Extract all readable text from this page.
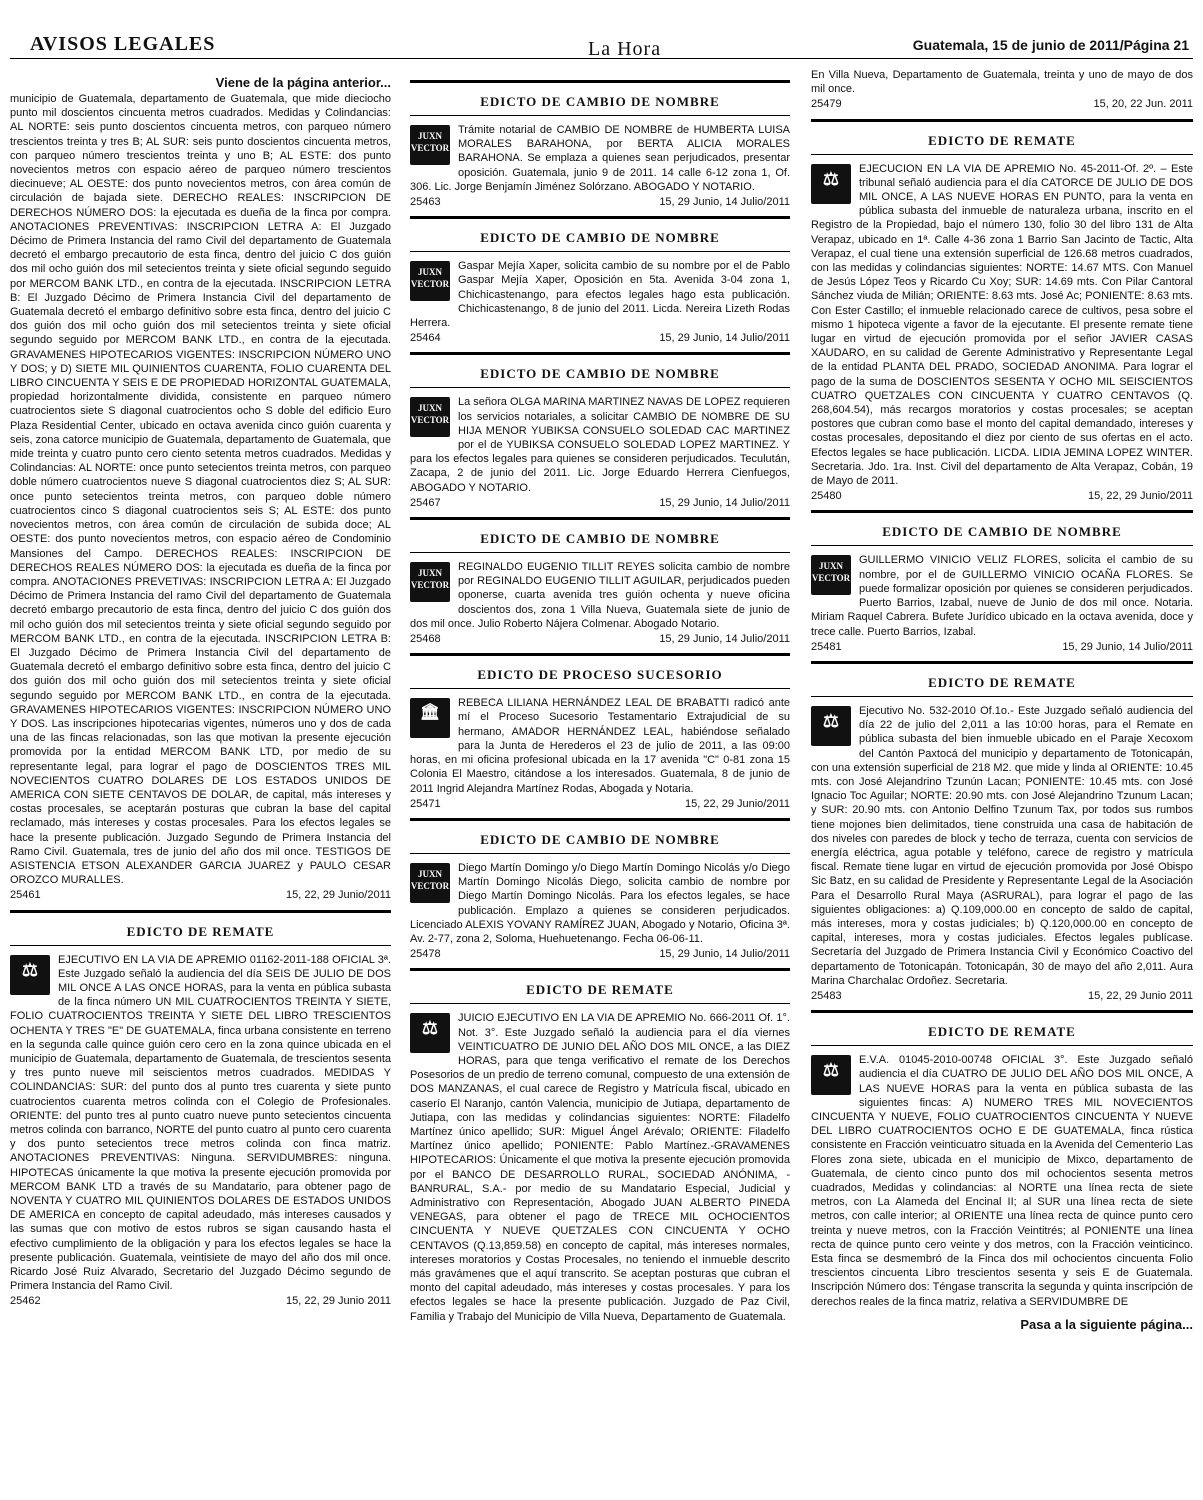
AVISOS LEGALES	La Hora	Guatemala, 15 de junio de 2011/Página 21
Viene de la página anterior...

municipio de Guatemala, departamento de Guatemala, que mide dieciocho punto mil doscientos cincuenta metros cuadrados. Medidas y Colindancias: AL NORTE: seis punto doscientos cincuenta metros, con parqueo número trescientos treinta y tres B; AL SUR: seis punto doscientos cincuenta metros, con parqueo número trescientos treinta y uno B; AL ESTE: dos punto novecientos metros con espacio aéreo de parqueo número trescientos diecinueve; AL OESTE: dos punto novecientos metros, con área común de circulación de bajada siete. DERECHO REALES: INSCRIPCION DE DERECHOS NÚMERO DOS: la ejecutada es dueña de la finca por compra. ANOTACIONES PREVENTIVAS: INSCRIPCION LETRA A: El Juzgado Décimo de Primera Instancia del ramo Civil del departamento de Guatemala decretó el embargo precautorio de esta finca, dentro del juicio C dos guión dos mil ocho guión dos mil setecientos treinta y siete oficial segundo seguido por MERCOM BANK LTD., en contra de la ejecutada. INSCRIPCION LETRA B: El Juzgado Décimo de Primera Instancia Civil del departamento de Guatemala decretó el embargo definitivo sobre esta finca, dentro del juicio C dos guión dos mil ocho guión dos mil setecientos treinta y siete oficial segundo seguido por MERCOM BANK LTD., en contra de la ejecutada. GRAVAMENES HIPOTECARIOS VIGENTES: INSCRIPCION NÚMERO UNO Y DOS; y D) SIETE MIL QUINIENTOS CUARENTA, FOLIO CUARENTA DEL LIBRO CINCUENTA Y SEIS E DE PROPIEDAD HORIZONTAL GUATEMALA, propiedad horizontalmente dividida, consistente en parqueo número cuatrocientos siete S diagonal cuatrocientos ocho S doble del edificio Euro Plaza Residential Center, ubicado en octava avenida cinco guión cuarenta y seis, zona catorce municipio de Guatemala, departamento de Guatemala, que mide treinta y cuatro punto cero ciento setenta metros cuadrados. Medidas y Colindancias: AL NORTE: once punto setecientos treinta metros, con parqueo doble número cuatrocientos nueve S diagonal cuatrocientos diez S; AL SUR: once punto setecientos treinta metros, con parqueo doble número cuatrocientos cinco S diagonal cuatrocientos seis S; AL ESTE: dos punto novecientos metros, con área común de circulación de subida doce; AL OESTE: dos punto novecientos metros, con espacio aéreo de Condominio Mansiones del Campo. DERECHOS REALES: INSCRIPCION DE DERECHOS REALES NÚMERO DOS: la ejecutada es dueña de la finca por compra. ANOTACIONES PREVETIVAS: INSCRIPCION LETRA A: El Juzgado Décimo de Primera Instancia del ramo Civil del departamento de Guatemala decretó embargo precautorio de esta finca, dentro del juicio C dos guión dos mil ocho guión dos mil setecientos treinta y siete oficial segundo seguido por MERCOM BANK LTD., en contra de la ejecutada. INSCRIPCION LETRA B: El Juzgado Décimo de Primera Instancia Civil del departamento de Guatemala decretó el embargo definitivo sobre esta finca, dentro del juicio C dos guión dos mil ocho guión dos mil setecientos treinta y siete oficial segundo seguido por MERCOM BANK LTD., en contra de la ejecutada. GRAVAMENES HIPOTECARIOS VIGENTES: INSCRIPCION NÚMERO UNO Y DOS. Las inscripciones hipotecarias vigentes, números uno y dos de cada una de las fincas relacionadas, son las que motivan la presente ejecución promovida por la entidad MERCOM BANK LTD, por medio de su representante legal, para lograr el pago de DOSCIENTOS TRES MIL NOVECIENTOS CUATRO DOLARES DE LOS ESTADOS UNIDOS DE AMERICA CON SIETE CENTAVOS DE DOLAR, de capital, más intereses y costas procesales, se aceptarán posturas que cubran la base del capital reclamado, más intereses y costas procesales. Para los efectos legales se hace la presente publicación. Juzgado Segundo de Primera Instancia del Ramo Civil. Guatemala, tres de junio del año dos mil once. TESTIGOS DE ASISTENCIA ETSON ALEXANDER GARCIA JUAREZ y PAULO CESAR OROZCO MURALLES.

25461	15, 22, 29 Junio/2011
EDICTO DE REMATE
⚖	EJECUTIVO EN LA VIA DE APREMIO 01162-2011-188 OFICIAL 3ª. Este Juzgado señaló la audiencia del día SEIS DE JULIO DE DOS MIL ONCE A LAS ONCE HORAS, para la venta en pública subasta de la finca número UN MIL CUATROCIENTOS TREINTA Y SIETE, FOLIO CUATROCIENTOS TREINTA Y SIETE DEL LIBRO TRESCIENTOS OCHENTA Y TRES "E" DE GUATEMALA, finca urbana consistente en terreno en la segunda calle quince guión cero cero en la zona quince ubicada en el municipio de Guatemala, departamento de Guatemala, de trescientos sesenta y tres punto nueve mil seiscientos metros cuadrados. MEDIDAS Y COLINDANCIAS: SUR: del punto dos al punto tres cuarenta y siete punto cuatrocientos cuarenta metros colinda con el Colegio de Profesionales. ORIENTE: del punto tres al punto cuatro nueve punto setecientos cincuenta metros colinda con barranco, NORTE del punto cuatro al punto cero cuarenta y dos punto setecientos trece metros colinda con finca matriz. ANOTACIONES PREVENTIVAS: Ninguna. SERVIDUMBRES: ninguna. HIPOTECAS únicamente la que motiva la presente ejecución promovida por MERCOM BANK LTD a través de su Mandatario, para obtener pago de NOVENTA Y CUATRO MIL QUINIENTOS DOLARES DE ESTADOS UNIDOS DE AMERICA en concepto de capital adeudado, más intereses causados y las sumas que con motivo de estos rubros se sigan causando hasta el efectivo cumplimiento de la obligación y para los efectos legales se hace la presente publicación. Guatemala, veintisiete de mayo del año dos mil once. Ricardo José Ruiz Alvarado, Secretario del Juzgado Décimo segundo de Primera Instancia del Ramo Civil.

25462	15, 22, 29 Junio 2011
EDICTO DE CAMBIO DE NOMBRE
JUXN VECTOR

Trámite notarial de CAMBIO DE NOMBRE de HUMBERTA LUISA MORALES BARAHONA, por BERTA ALICIA MORALES BARAHONA. Se emplaza a quienes sean perjudicados, presentar oposición. Guatemala, junio 9 de 2011. 14 calle 6-12 zona 1, Of. 306. Lic. Jorge Benjamín Jiménez Solórzano. ABOGADO Y NOTARIO.

25463	15, 29 Junio, 14 Julio/2011
EDICTO DE CAMBIO DE NOMBRE
JUXN VECTOR

Gaspar Mejía Xaper, solicita cambio de su nombre por el de Pablo Gaspar Mejía Xaper, Oposición en 5ta. Avenida 3-04 zona 1, Chichicastenango, para efectos legales hago esta publicación. Chichicastenango, 8 de junio del 2011. Licda. Nereira Lizeth Rodas Herrera.

25464	15, 29 Junio, 14 Julio/2011
EDICTO DE CAMBIO DE NOMBRE
JUXN VECTOR

La señora OLGA MARINA MARTINEZ NAVAS DE LOPEZ requieren los servicios notariales, a solicitar CAMBIO DE NOMBRE DE SU HIJA MENOR YUBIKSA CONSUELO SOLEDAD CAC MARTINEZ por el de YUBIKSA CONSUELO SOLEDAD LOPEZ MARTINEZ. Y para los efectos legales para quienes se consideren perjudicados. Teculután, Zacapa, 2 de junio del 2011. Lic. Jorge Eduardo Herrera Cienfuegos, ABOGADO Y NOTARIO.

25467	15, 29 Junio, 14 Julio/2011
EDICTO DE CAMBIO DE NOMBRE
JUXN VECTOR

REGINALDO EUGENIO TILLIT REYES solicita cambio de nombre por REGINALDO EUGENIO TILLIT AGUILAR, perjudicados pueden oponerse, cuarta avenida tres guión ochenta y nueve oficina doscientos dos, zona 1 Villa Nueva, Guatemala siete de junio de dos mil once. Julio Roberto Nájera Colmenar. Abogado Notario.

25468	15, 29 Junio, 14 Julio/2011
EDICTO DE PROCESO SUCESORIO
🏛

REBECA LILIANA HERNÁNDEZ LEAL DE BRABATTI radicó ante mí el Proceso Sucesorio Testamentario Extrajudicial de su hermano, AMADOR HERNÁNDEZ LEAL, habiéndose señalado para la Junta de Herederos el 23 de julio de 2011, a las 09:00 horas, en mi oficina profesional ubicada en la 17 avenida "C" 0-81 zona 15 Colonia El Maestro, citándose a los interesados. Guatemala, 8 de junio de 2011 Ingrid Alejandra Martínez Rodas, Abogada y Notaria.

25471	15, 22, 29 Junio/2011
EDICTO DE CAMBIO DE NOMBRE
JUXN VECTOR

Diego Martín Domingo y/o Diego Martín Domingo Nicolás y/o Diego Martín Domingo Nicolás Diego, solicita cambio de nombre por Diego Martín Domingo Nicolás. Para los efectos legales, se hace publicación. Emplazo a quienes se consideren perjudicados. Licenciado ALEXIS YOVANY RAMÍREZ JUAN, Abogado y Notario, Oficina 3ª. Av. 2-77, zona 2, Soloma, Huehuetenango. Fecha 06-06-11.

25478	15, 29 Junio, 14 Julio/2011
EDICTO DE REMATE
⚖	JUICIO EJECUTIVO EN LA VIA DE APREMIO No. 666-2011 Of. 1°. Not. 3°. Este Juzgado señaló la audiencia para el día viernes VEINTICUATRO DE JUNIO DEL AÑO DOS MIL ONCE, a las DIEZ HORAS, para que tenga verificativo el remate de los Derechos Posesorios de un predio de terreno comunal, compuesto de una extensión de DOS MANZANAS, el cual carece de Registro y Matrícula fiscal, ubicado en caserío El Naranjo, cantón Valencia, municipio de Jutiapa, departamento de Jutiapa, con las medidas y colindancias siguientes: NORTE: Filadelfo Martínez único apellido; SUR: Miguel Ángel Arévalo; ORIENTE: Filadelfo Martínez único apellido; PONIENTE: Pablo Martínez.-GRAVAMENES HIPOTECARIOS: Únicamente el que motiva la presente ejecución promovida por el BANCO DE DESARROLLO RURAL, SOCIEDAD ANÓNIMA, -BANRURAL, S.A.- por medio de su Mandatario Especial, Judicial y Administrativo con Representación, Abogado JUAN ALBERTO PINEDA VENEGAS, para obtener el pago de TRECE MIL OCHOCIENTOS CINCUENTA Y NUEVE QUETZALES CON CINCUENTA Y OCHO CENTAVOS (Q.13,859.58) en concepto de capital, más intereses normales, intereses moratorios y Costas Procesales, no teniendo el inmueble descrito más gravámenes que el aquí transcrito. Se aceptan posturas que cubran el monto del capital adeudado, más intereses y costas procesales. Y para los efectos legales se hace la presente publicación. Juzgado de Paz Civil, Familia y Trabajo del Municipio de Villa Nueva, Departamento de Guatemala.

En Villa Nueva, Departamento de Guatemala, treinta y uno de mayo de dos mil once.

25479	15, 20, 22 Jun. 2011
EDICTO DE REMATE
⚖	EJECUCION EN LA VIA DE APREMIO No. 45-2011-Of. 2º. – Este tribunal señaló audiencia para el día CATORCE DE JULIO DE DOS MIL ONCE, A LAS NUEVE HORAS EN PUNTO, para la venta en pública subasta del inmueble de naturaleza urbana, inscrito en el Registro de la Propiedad, bajo el número 130, folio 30 del libro 131 de Alta Verapaz, ubicado en 1ª. Calle 4-36 zona 1 Barrio San Jacinto de Tactic, Alta Verapaz, el cual tiene una extensión superficial de 126.68 metros cuadrados, con las medidas y colindancias siguientes: NORTE: 14.67 MTS. Con Manuel de Jesús López Teos y Ricardo Cu Xoy; SUR: 14.69 mts. Con Pilar Cantoral Sánchez viuda de Milián; ORIENTE: 8.63 mts. José Ac; PONIENTE: 8.63 mts. Con Ester Castillo; el inmueble relacionado carece de cultivos, pesa sobre el mismo 1 hipoteca vigente a favor de la ejecutante. El presente remate tiene lugar en virtud de ejecución promovida por el señor JAVIER CASAS XAUDARO, en su calidad de Gerente Administrativo y Representante Legal de la entidad PLANTA DEL PRADO, SOCIEDAD ANONIMA. Para lograr el pago de la suma de DOSCIENTOS SESENTA Y OCHO MIL SEISCIENTOS CUATRO QUETZALES CON CINCUENTA Y CUATRO CENTAVOS (Q. 268,604.54), más recargos moratorios y costas procesales; se aceptan postores que cubran como base el monto del capital demandado, intereses y costas procesales, depositando el diez por ciento de sus ofertas en el acto. Efectos legales se hace publicación. LICDA. LIDIA JEMINA LOPEZ WINTER. Secretaria. Jdo. 1ra. Inst. Civil del departamento de Alta Verapaz, Cobán, 19 de Mayo de 2011.

25480	15, 22, 29 Junio/2011
EDICTO DE CAMBIO DE NOMBRE
JUXN VECTOR

GUILLERMO VINICIO VELIZ FLORES, solicita el cambio de su nombre, por el de GUILLERMO VINICIO OCAÑA FLORES. Se puede formalizar oposición por quienes se consideren perjudicados. Puerto Barrios, Izabal, nueve de Junio de dos mil once. Notaria. Miriam Raquel Cabrera. Bufete Jurídico ubicado en la octava avenida, doce y trece calle. Puerto Barrios, Izabal.

25481	15, 29 Junio, 14 Julio/2011
EDICTO DE REMATE
⚖	Ejecutivo No. 532-2010 Of.1o.- Este Juzgado señaló audiencia del día 22 de julio del 2,011 a las 10:00 horas, para el Remate en pública subasta del bien inmueble ubicado en el Paraje Xecoxom del Cantón Paxtocá del municipio y departamento de Totonicapán, con una extensión superficial de 218 M2. que mide y linda al ORIENTE: 10.45 mts. con José Alejandrino Tzunún Lacan; PONIENTE: 10.45 mts. con José Ignacio Toc Aguilar; NORTE: 20.90 mts. con José Alejandrino Tzunum Lacan; y SUR: 20.90 mts. con Antonio Delfino Tzunum Tax, por todos sus rumbos tiene mojones bien delimitados, tiene construida una casa de habitación de dos niveles con paredes de block y techo de terraza, cuenta con servicios de energía eléctrica, agua potable y teléfono, carece de registro y matrícula fiscal. Remate tiene lugar en virtud de ejecución promovida por José Obispo Sic Batz, en su calidad de Presidente y Representante Legal de la Asociación Para el Desarrollo Rural Maya (ASRURAL), para lograr el pago de las siguientes obligaciones: a) Q.109,000.00 en concepto de saldo de capital, más intereses, mora y costas judiciales; b) Q.120,000.00 en concepto de capital, intereses, mora y costas judiciales. Efectos legales publícase. Secretaría del Juzgado de Primera Instancia Civil y Económico Coactivo del departamento de Totonicapán. Totonicapán, 30 de mayo del año 2,011. Aura Marina Charchalac Ordoñez. Secretaria.

25483	15, 22, 29 Junio 2011
EDICTO DE REMATE
⚖	E.V.A. 01045-2010-00748 OFICIAL 3°. Este Juzgado señaló audiencia el día CUATRO DE JULIO DEL AÑO DOS MIL ONCE, A LAS NUEVE HORAS para la venta en pública subasta de las siguientes fincas: A) NUMERO TRES MIL NOVECIENTOS CINCUENTA Y NUEVE, FOLIO CUATROCIENTOS CINCUENTA Y NUEVE DEL LIBRO CUATROCIENTOS OCHO E DE GUATEMALA, finca rústica consistente en Fracción veinticuatro situada en la Avenida del Cementerio Las Flores zona siete, ubicada en el municipio de Mixco, departamento de Guatemala, de ciento cinco punto dos mil ochocientos sesenta metros cuadrados, Medidas y colindancias: al NORTE una línea recta de siete metros, con La Alameda del Encinal II; al SUR una línea recta de siete metros, con calle interior; al ORIENTE una línea recta de quince punto cero treinta y nueve metros, con la Fracción Veintitrés; al PONIENTE una línea recta de quince punto cero veinte y dos metros, con la Fracción veinticinco. Esta finca se desmembró de la Finca dos mil ochocientos cincuenta Folio trescientos cincuenta Libro trescientos sesenta y seis E de Guatemala. Inscripción Número dos: Téngase transcrita la segunda y quinta inscripción de derechos reales de la finca matriz, relativa a SERVIDUMBRE DE

Pasa a la siguiente página...
